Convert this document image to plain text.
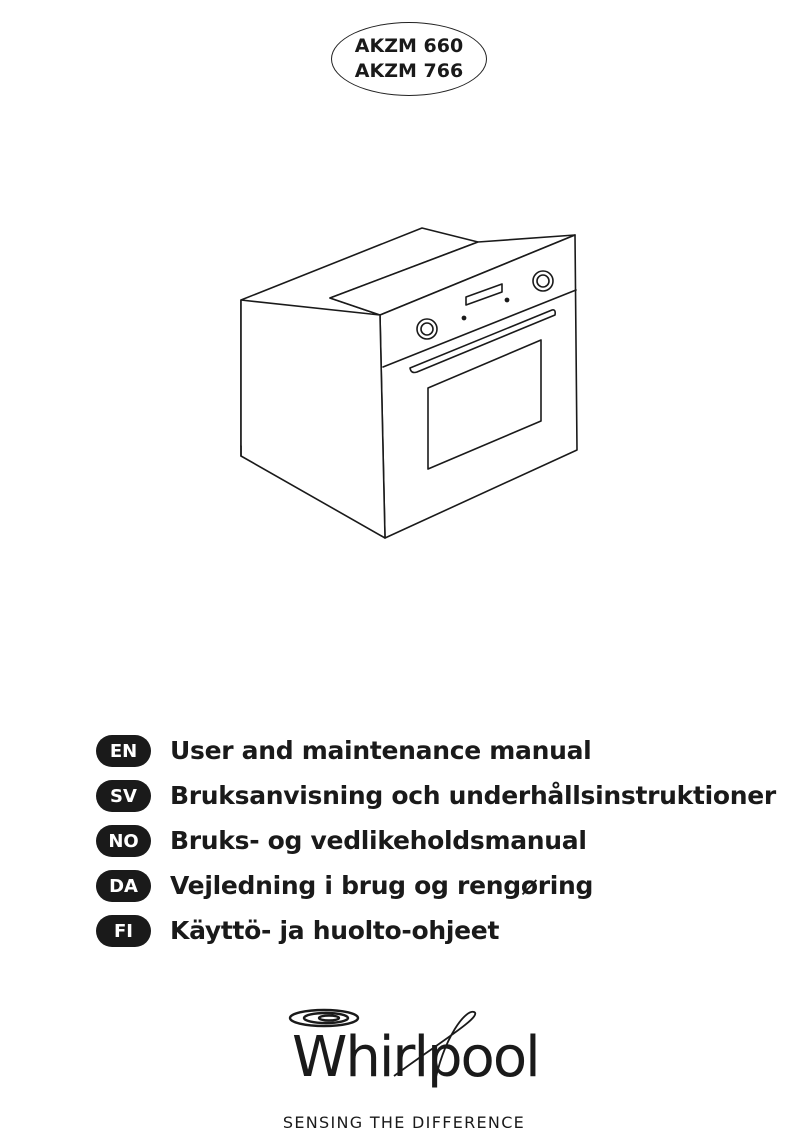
AKZM 660
AKZM 766
EN	User and maintenance manual
SV	Bruksanvisning och underhållsinstruktioner
NO	Bruks- og vedlikeholdsmanual
DA	Vejledning i brug og rengøring
FI	Käyttö- ja huolto-ohjeet
Whirlpool
SENSING THE DIFFERENCE
